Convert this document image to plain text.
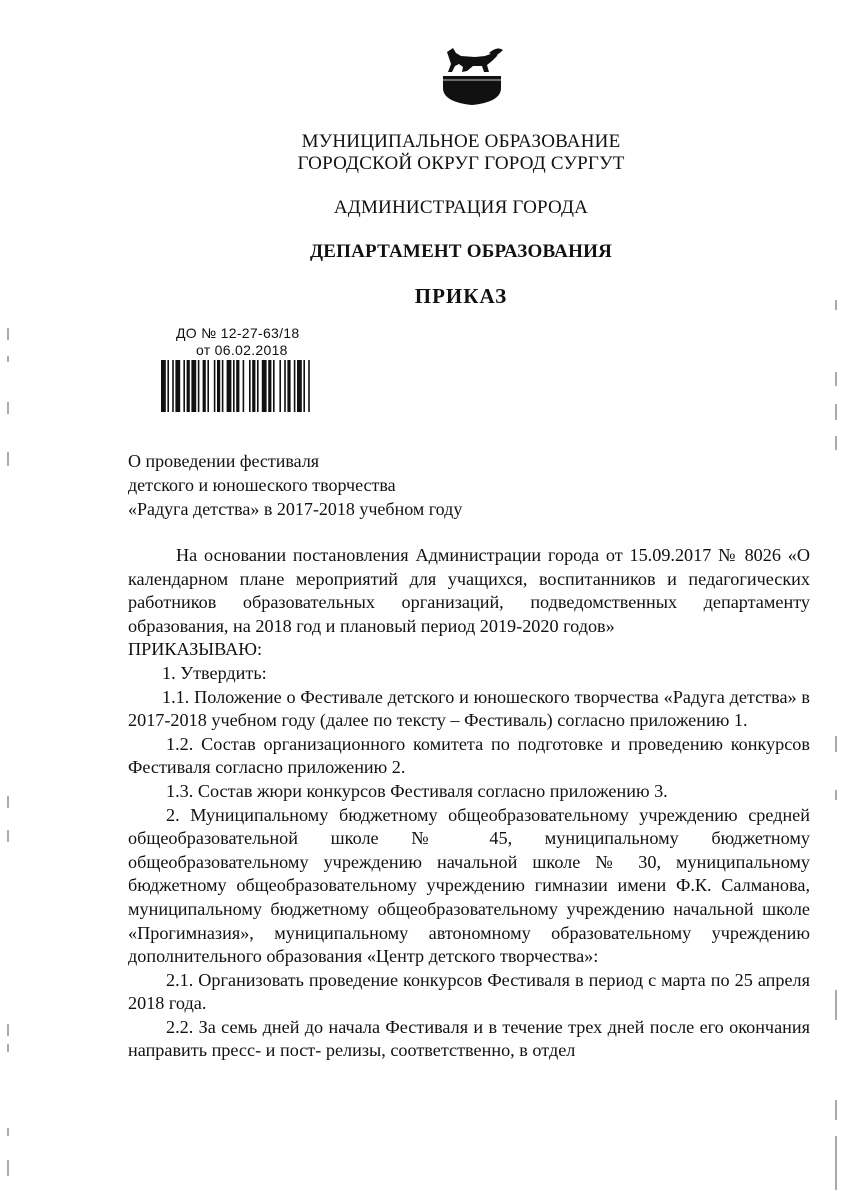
МУНИЦИПАЛЬНОЕ ОБРАЗОВАНИЕ
ГОРОДСКОЙ ОКРУГ ГОРОД СУРГУТ
АДМИНИСТРАЦИЯ ГОРОДА
ДЕПАРТАМЕНТ ОБРАЗОВАНИЯ
ПРИКАЗ
ДО № 12-27-63/18
от 06.02.2018
О проведении фестиваля
детского и юношеского творчества
«Радуга детства» в 2017-2018 учебном году

На основании постановления Администрации города от 15.09.2017 № 8026 «О календарном плане мероприятий для учащихся, воспитанников и педагогических работников образовательных организаций, подведомственных департаменту образования, на 2018 год и плановый период 2019-2020 годов»

ПРИКАЗЫВАЮ:

1. Утвердить:

1.1. Положение о Фестивале детского и юношеского творчества «Радуга детства» в 2017-2018 учебном году (далее по тексту – Фестиваль) согласно приложению 1.

1.2. Состав организационного комитета по подготовке и проведению конкурсов Фестиваля согласно приложению 2.

1.3. Состав жюри конкурсов Фестиваля согласно приложению 3.

2. Муниципальному бюджетному общеобразовательному учреждению средней общеобразовательной школе № 45, муниципальному бюджетному общеобразовательному учреждению начальной школе № 30, муниципальному бюджетному общеобразовательному учреждению гимназии имени Ф.К. Салманова, муниципальному бюджетному общеобразовательному учреждению начальной школе «Прогимназия», муниципальному автономному образовательному учреждению дополнительного образования «Центр детского творчества»:

2.1. Организовать проведение конкурсов Фестиваля в период с марта по 25 апреля 2018 года.

2.2. За семь дней до начала Фестиваля и в течение трех дней после его окончания направить пресс- и пост- релизы, соответственно, в отдел
